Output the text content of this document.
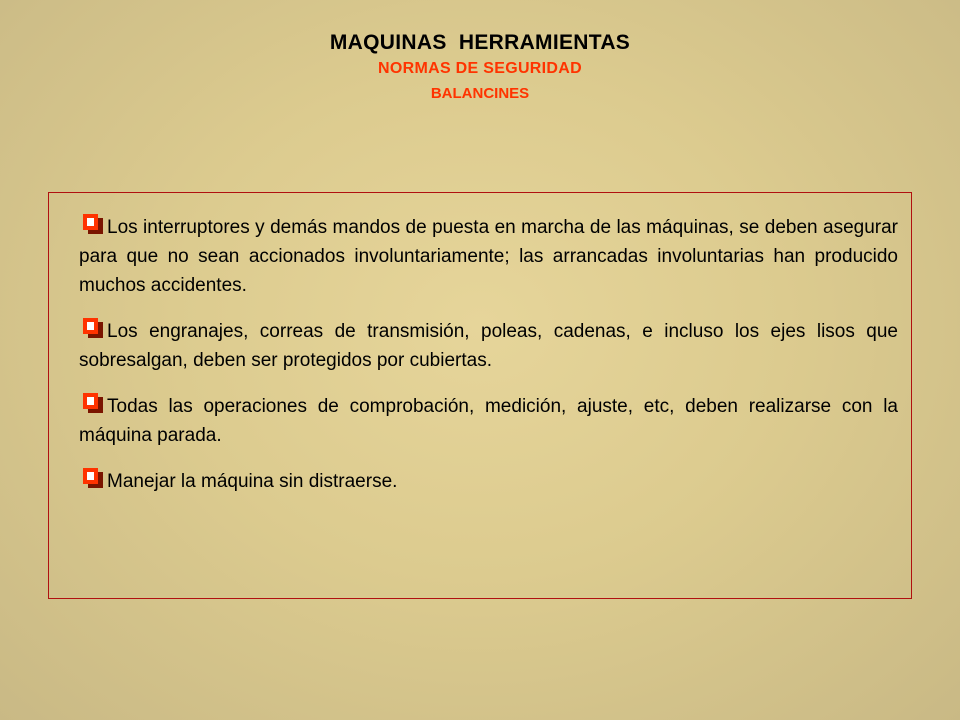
MAQUINAS  HERRAMIENTAS
NORMAS DE SEGURIDAD
BALANCINES
Los interruptores y demás mandos de puesta en marcha de las máquinas, se deben asegurar para que no sean accionados involuntariamente; las arrancadas involuntarias han producido muchos accidentes.
Los engranajes, correas de transmisión, poleas, cadenas, e incluso los ejes lisos que sobresalgan, deben ser protegidos por cubiertas.
Todas las operaciones de comprobación, medición, ajuste, etc, deben realizarse con la máquina parada.
Manejar la máquina sin distraerse.
